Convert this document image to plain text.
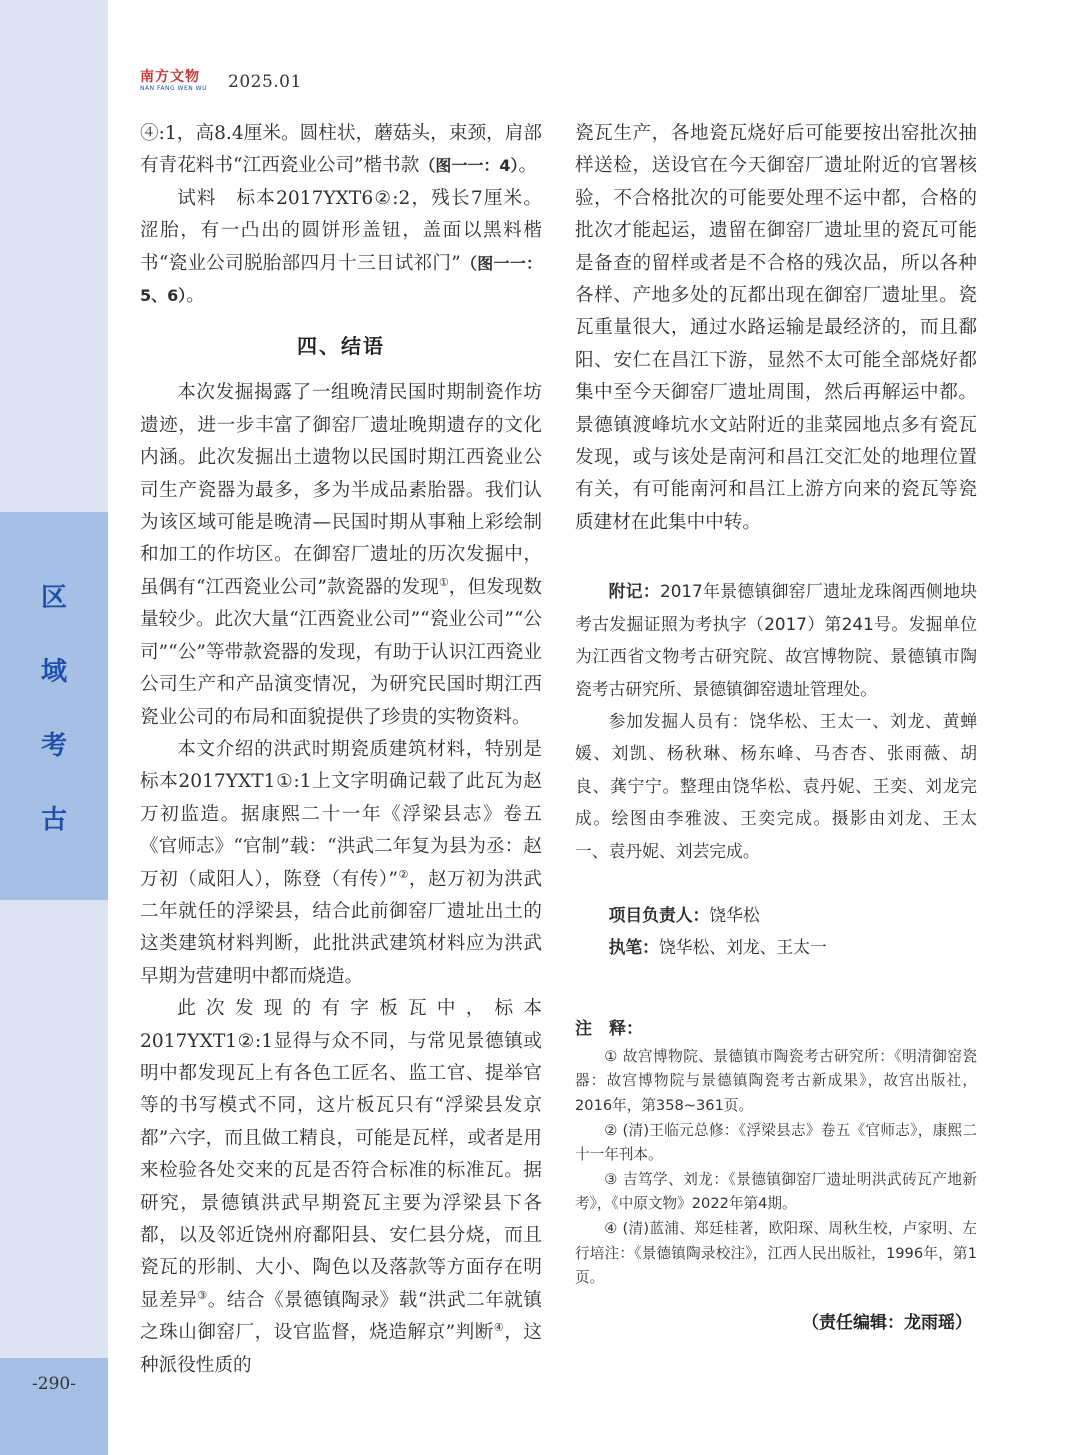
区
域
考
古
-290-
南方文物
NAN FANG WEN WU	2025.01

④:1，高8.4厘米。圆柱状，蘑菇头，束颈，肩部有青花料书“江西瓷业公司”楷书款（图一一：4）。

试料　标本2017YXT6②:2，残长7厘米。涩胎，有一凸出的圆饼形盖钮，盖面以黑料楷书“瓷业公司脱胎部四月十三日试祁门”（图一一：5、6）。

四、结语

本次发掘揭露了一组晚清民国时期制瓷作坊遗迹，进一步丰富了御窑厂遗址晚期遗存的文化内涵。此次发掘出土遗物以民国时期江西瓷业公司生产瓷器为最多，多为半成品素胎器。我们认为该区域可能是晚清—民国时期从事釉上彩绘制和加工的作坊区。在御窑厂遗址的历次发掘中，虽偶有“江西瓷业公司”款瓷器的发现①，但发现数量较少。此次大量“江西瓷业公司”“瓷业公司”“公司”“公”等带款瓷器的发现，有助于认识江西瓷业公司生产和产品演变情况，为研究民国时期江西瓷业公司的布局和面貌提供了珍贵的实物资料。

本文介绍的洪武时期瓷质建筑材料，特别是标本2017YXT1①:1上文字明确记载了此瓦为赵万初监造。据康熙二十一年《浮梁县志》卷五《官师志》“官制”载：“洪武二年复为县为丞：赵万初（咸阳人），陈登（有传）”②，赵万初为洪武二年就任的浮梁县，结合此前御窑厂遗址出土的这类建筑材料判断，此批洪武建筑材料应为洪武早期为营建明中都而烧造。

此次发现的有字板瓦中，标本2017YXT1②:1显得与众不同，与常见景德镇或明中都发现瓦上有各色工匠名、监工官、提举官等的书写模式不同，这片板瓦只有“浮梁县发京都”六字，而且做工精良，可能是瓦样，或者是用来检验各处交来的瓦是否符合标准的标准瓦。据研究，景德镇洪武早期瓷瓦主要为浮梁县下各都，以及邻近饶州府鄱阳县、安仁县分烧，而且瓷瓦的形制、大小、陶色以及落款等方面存在明显差异③。结合《景德镇陶录》载“洪武二年就镇之珠山御窑厂，设官监督，烧造解京”判断④，这种派役性质的

瓷瓦生产，各地瓷瓦烧好后可能要按出窑批次抽样送检，送设官在今天御窑厂遗址附近的官署核验，不合格批次的可能要处理不运中都，合格的批次才能起运，遗留在御窑厂遗址里的瓷瓦可能是备查的留样或者是不合格的残次品，所以各种各样、产地多处的瓦都出现在御窑厂遗址里。瓷瓦重量很大，通过水路运输是最经济的，而且鄱阳、安仁在昌江下游，显然不太可能全部烧好都集中至今天御窑厂遗址周围，然后再解运中都。景德镇渡峰坑水文站附近的韭菜园地点多有瓷瓦发现，或与该处是南河和昌江交汇处的地理位置有关，有可能南河和昌江上游方向来的瓷瓦等瓷质建材在此集中中转。

附记：2017年景德镇御窑厂遗址龙珠阁西侧地块考古发掘证照为考执字（2017）第241号。发掘单位为江西省文物考古研究院、故宫博物院、景德镇市陶瓷考古研究所、景德镇御窑遗址管理处。

参加发掘人员有：饶华松、王太一、刘龙、黄蝉媛、刘凯、杨秋琳、杨东峰、马杏杏、张雨薇、胡良、龚宁宁。整理由饶华松、袁丹妮、王奕、刘龙完成。绘图由李雅波、王奕完成。摄影由刘龙、王太一、袁丹妮、刘芸完成。

项目负责人：饶华松

执笔：饶华松、刘龙、王太一

注　释：

① 故宫博物院、景德镇市陶瓷考古研究所：《明清御窑瓷器：故宫博物院与景德镇陶瓷考古新成果》，故宫出版社，2016年，第358~361页。

② (清)王临元总修：《浮梁县志》卷五《官师志》，康熙二十一年刊本。

③ 吉笃学、刘龙：《景德镇御窑厂遗址明洪武砖瓦产地新考》，《中原文物》2022年第4期。

④ (清)蓝浦、郑廷桂著，欧阳琛、周秋生校，卢家明、左行培注：《景德镇陶录校注》，江西人民出版社，1996年，第1页。

（责任编辑：龙雨瑶）
